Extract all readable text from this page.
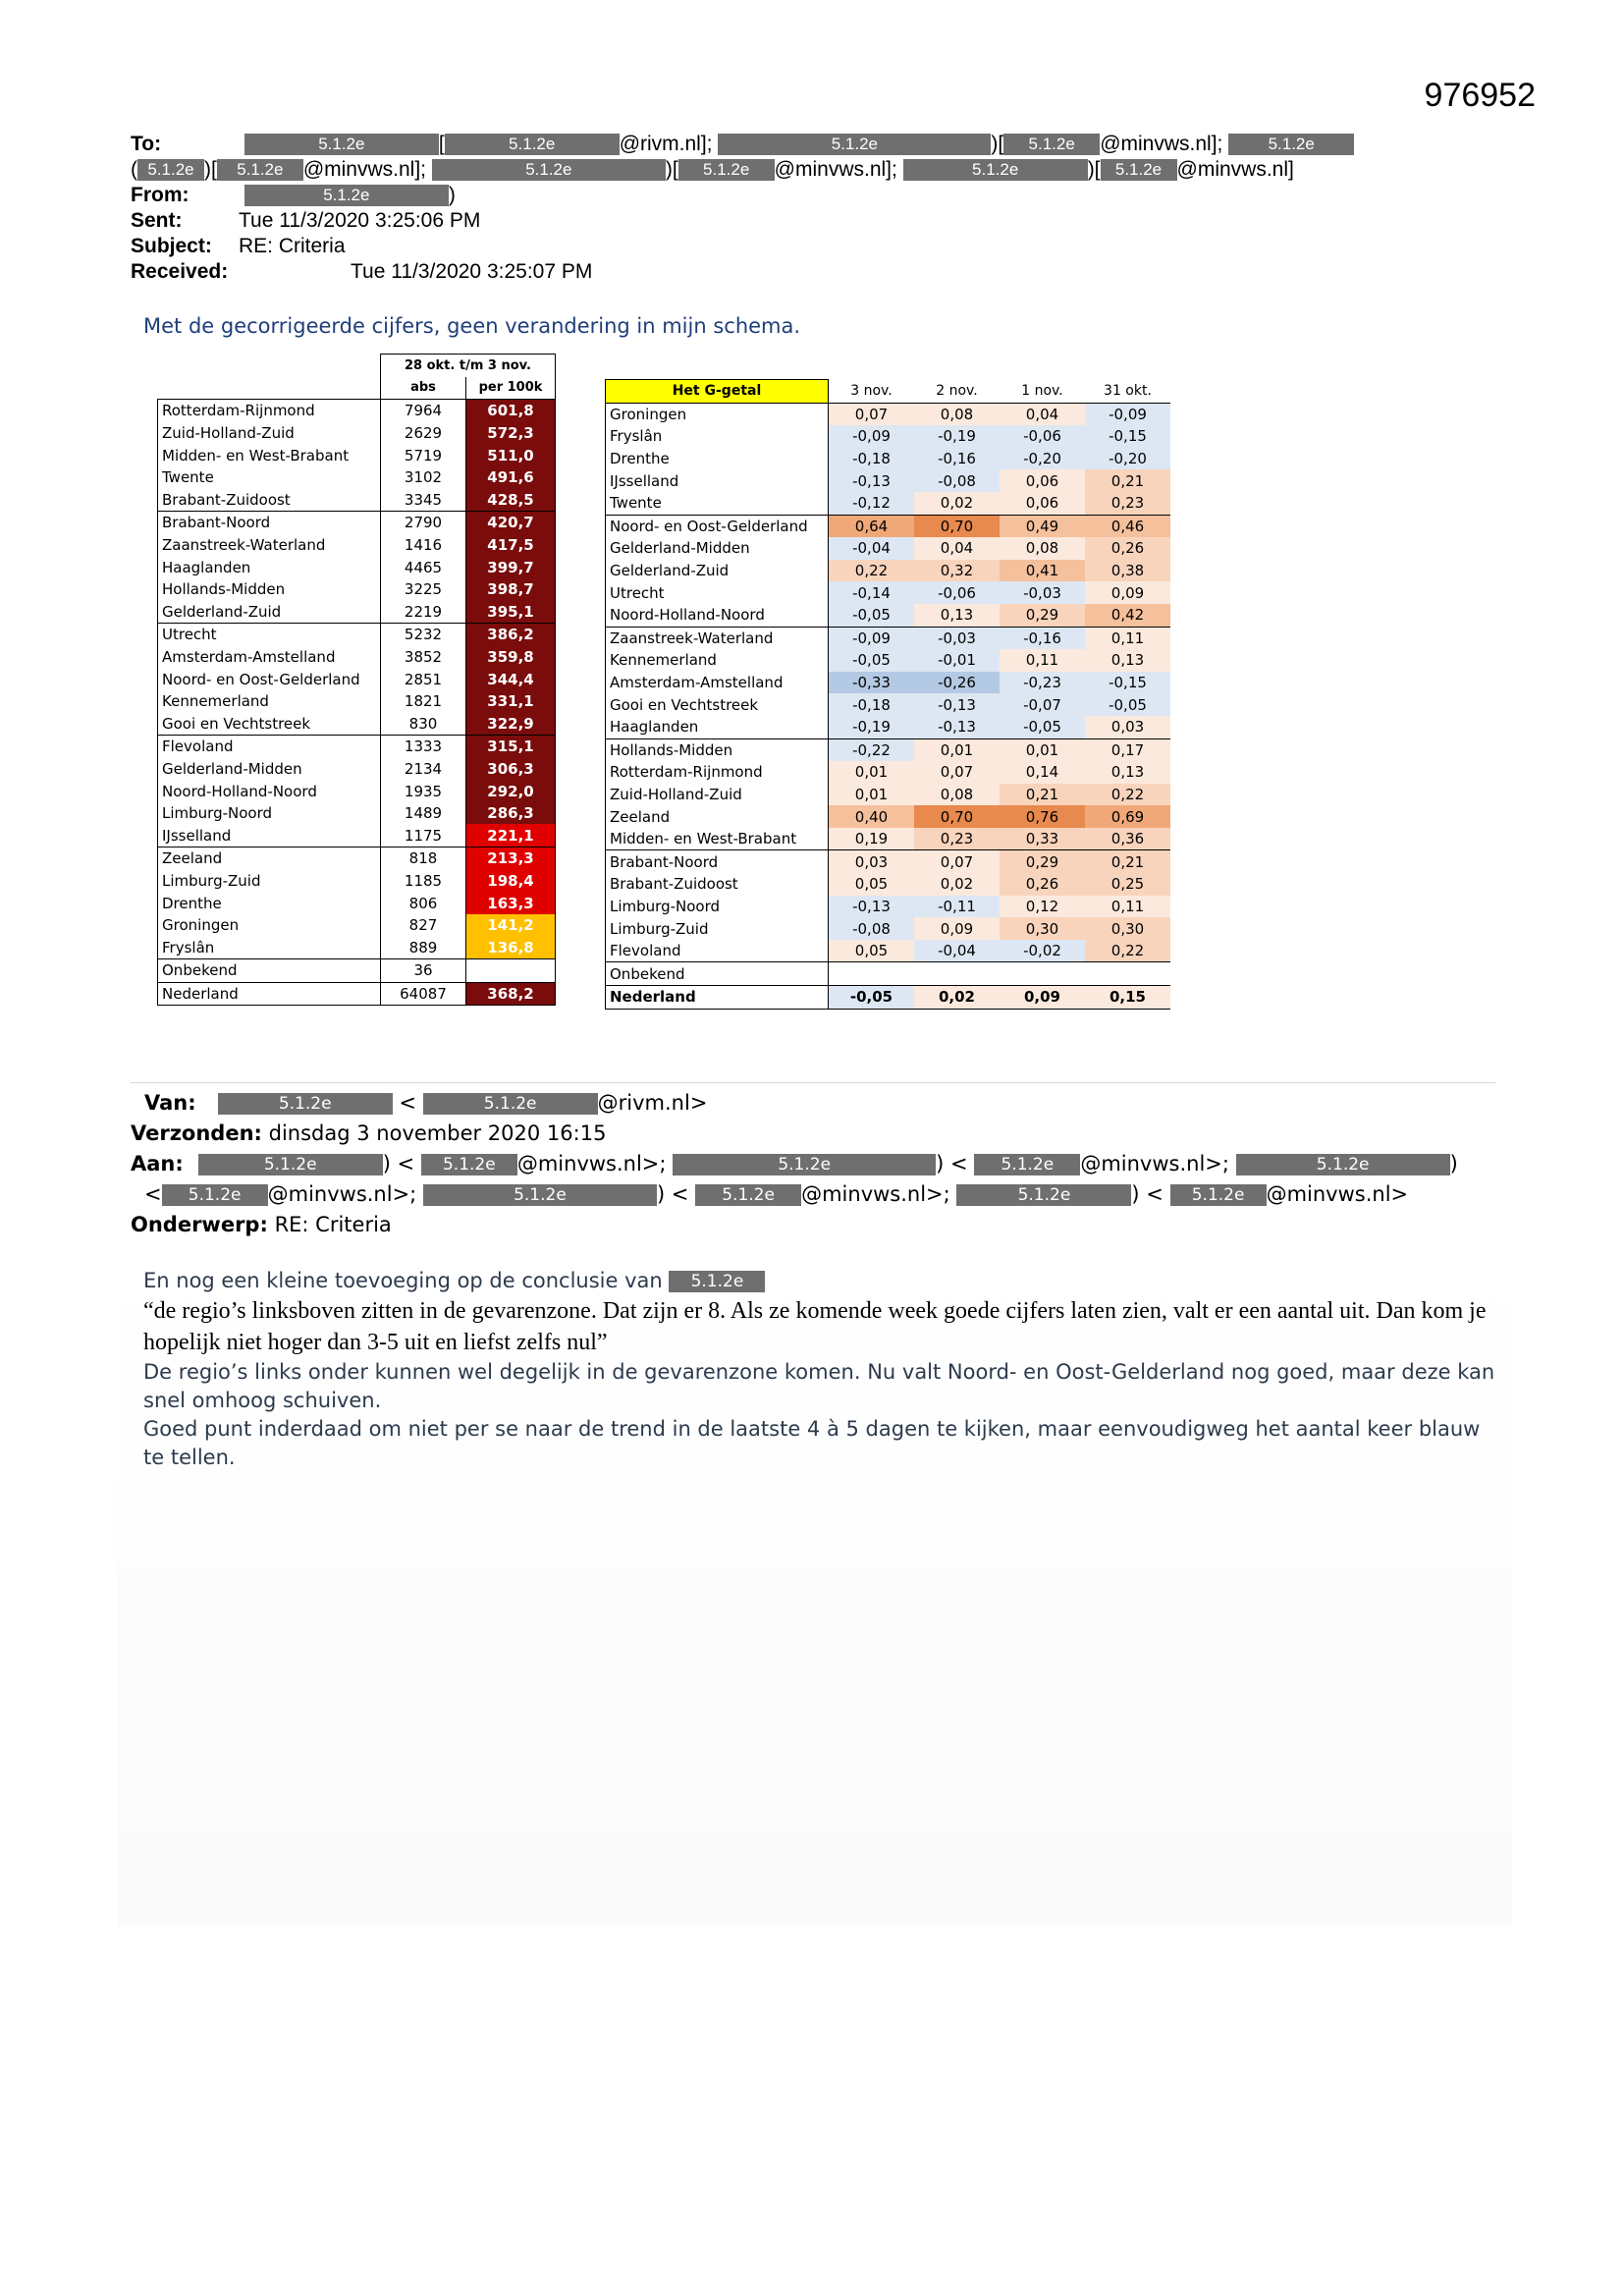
976952
To:	5.1.2e	[	5.1.2e	@rivm.nl];	5.1.2e	)[ 5.1.2e @minvws.nl];	5.1.2e
( 5.1.2e )[ 5.1.2e @minvws.nl];	5.1.2e	)[ 5.1.2e @minvws.nl];	5.1.2e	)[ 5.1.2e @minvws.nl]
From:	5.1.2e	)
Sent:	Tue 11/3/2020 3:25:06 PM
Subject: RE: Criteria
Received:	Tue 11/3/2020 3:25:07 PM
Met de gecorrigeerde cijfers, geen verandering in mijn schema.
	28 okt. t/m 3 nov.	
	abs	per 100k
Rotterdam-Rijnmond	7964	601,8
Zuid-Holland-Zuid	2629	572,3
Midden- en West-Brabant	5719	511,0
Twente	3102	491,6
Brabant-Zuidoost	3345	428,5
Brabant-Noord	2790	420,7
Zaanstreek-Waterland	1416	417,5
Haaglanden	4465	399,7
Hollands-Midden	3225	398,7
Gelderland-Zuid	2219	395,1
Utrecht	5232	386,2
Amsterdam-Amstelland	3852	359,8
Noord- en Oost-Gelderland	2851	344,4
Kennemerland	1821	331,1
Gooi en Vechtstreek	830	322,9
Flevoland	1333	315,1
Gelderland-Midden	2134	306,3
Noord-Holland-Noord	1935	292,0
Limburg-Noord	1489	286,3
IJsselland	1175	221,1
Zeeland	818	213,3
Limburg-Zuid	1185	198,4
Drenthe	806	163,3
Groningen	827	141,2
Fryslân	889	136,8
Onbekend	36	
Nederland	64087	368,2
Het G-getal	3 nov.	2 nov.	1 nov.	31 okt.
Groningen	0,07	0,08	0,04	-0,09
Fryslân	-0,09	-0,19	-0,06	-0,15
Drenthe	-0,18	-0,16	-0,20	-0,20
IJsselland	-0,13	-0,08	0,06	0,21
Twente	-0,12	0,02	0,06	0,23
Noord- en Oost-Gelderland	0,64	0,70	0,49	0,46
Gelderland-Midden	-0,04	0,04	0,08	0,26
Gelderland-Zuid	0,22	0,32	0,41	0,38
Utrecht	-0,14	-0,06	-0,03	0,09
Noord-Holland-Noord	-0,05	0,13	0,29	0,42
Zaanstreek-Waterland	-0,09	-0,03	-0,16	0,11
Kennemerland	-0,05	-0,01	0,11	0,13
Amsterdam-Amstelland	-0,33	-0,26	-0,23	-0,15
Gooi en Vechtstreek	-0,18	-0,13	-0,07	-0,05
Haaglanden	-0,19	-0,13	-0,05	0,03
Hollands-Midden	-0,22	0,01	0,01	0,17
Rotterdam-Rijnmond	0,01	0,07	0,14	0,13
Zuid-Holland-Zuid	0,01	0,08	0,21	0,22
Zeeland	0,40	0,70	0,76	0,69
Midden- en West-Brabant	0,19	0,23	0,33	0,36
Brabant-Noord	0,03	0,07	0,29	0,21
Brabant-Zuidoost	0,05	0,02	0,26	0,25
Limburg-Noord	-0,13	-0,11	0,12	0,11
Limburg-Zuid	-0,08	0,09	0,30	0,30
Flevoland	0,05	-0,04	-0,02	0,22
Onbekend				
Nederland	-0,05	0,02	0,09	0,15
Van:	5.1.2e	<	5.1.2e	@rivm.nl>
Verzonden: dinsdag 3 november 2020 16:15
Aan:	5.1.2e	) < 5.1.2e @minvws.nl>;	5.1.2e	) < 5.1.2e @minvws.nl>;	5.1.2e	)
< 5.1.2e @minvws.nl>;	5.1.2e	) < 5.1.2e @minvws.nl>;	5.1.2e	) < 5.1.2e @minvws.nl>
Onderwerp: RE: Criteria

En nog een kleine toevoeging op de conclusie van 5.1.2e

“de regio’s linksboven zitten in de gevarenzone. Dat zijn er 8. Als ze komende week goede cijfers laten zien, valt er een aantal uit. Dan kom je hopelijk niet hoger dan 3-5 uit en liefst zelfs nul”

De regio’s links onder kunnen wel degelijk in de gevarenzone komen. Nu valt Noord- en Oost-Gelderland nog goed, maar deze kan snel omhoog schuiven.

Goed punt inderdaad om niet per se naar de trend in de laatste 4 à 5 dagen te kijken, maar eenvoudigweg het aantal keer blauw te tellen.
